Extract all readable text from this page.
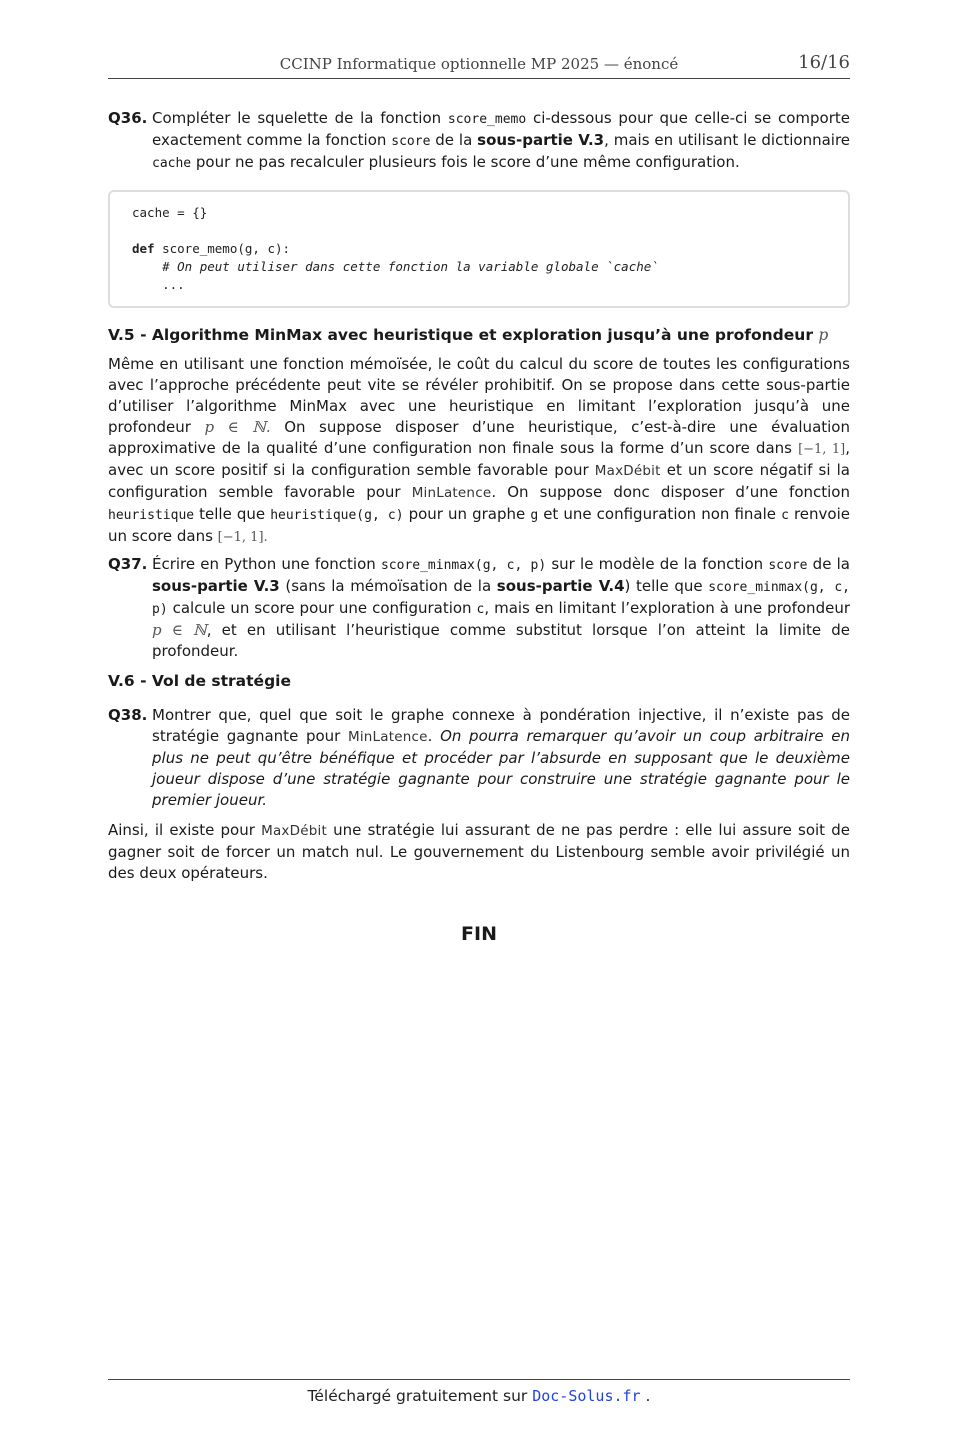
CCINP Informatique optionnelle MP 2025 — énoncé	16/16
Q36. Compléter le squelette de la fonction score_memo ci-dessous pour que celle-ci se comporte exactement comme la fonction score de la sous-partie V.3, mais en utilisant le dictionnaire cache pour ne pas recalculer plusieurs fois le score d’une même configuration.

cache = {}

def score_memo(g, c):
# On peut utiliser dans cette fonction la variable globale `cache`
...
V.5 - Algorithme MinMax avec heuristique et exploration jusqu’à une profondeur p

Même en utilisant une fonction mémoïsée, le coût du calcul du score de toutes les configurations avec l’approche précédente peut vite se révéler prohibitif. On se propose dans cette sous-partie d’utiliser l’algorithme MinMax avec une heuristique en limitant l’exploration jusqu’à une profondeur p ∈ ℕ. On suppose disposer d’une heuristique, c’est-à-dire une évaluation approximative de la qualité d’une configuration non finale sous la forme d’un score dans [−1, 1], avec un score positif si la configuration semble favorable pour MaxDébit et un score négatif si la configuration semble favorable pour MinLatence. On suppose donc disposer d’une fonction heuristique telle que heuristique(g, c) pour un graphe g et une configuration non finale c renvoie un score dans [−1, 1].

Q37. Écrire en Python une fonction score_minmax(g, c, p) sur le modèle de la fonction score de la sous-partie V.3 (sans la mémoïsation de la sous-partie V.4) telle que score_minmax(g, c, p) calcule un score pour une configuration c, mais en limitant l’exploration à une profondeur p ∈ ℕ, et en utilisant l’heuristique comme substitut lorsque l’on atteint la limite de profondeur.

V.6 - Vol de stratégie
Q38. Montrer que, quel que soit le graphe connexe à pondération injective, il n’existe pas de stratégie gagnante pour MinLatence. On pourra remarquer qu’avoir un coup arbitraire en plus ne peut qu’être bénéfique et procéder par l’absurde en supposant que le deuxième joueur dispose d’une stratégie gagnante pour construire une stratégie gagnante pour le premier joueur.

Ainsi, il existe pour MaxDébit une stratégie lui assurant de ne pas perdre : elle lui assure soit de gagner soit de forcer un match nul. Le gouvernement du Listenbourg semble avoir privilégié un des deux opérateurs.

FIN
Téléchargé gratuitement sur Doc-Solus.fr .
